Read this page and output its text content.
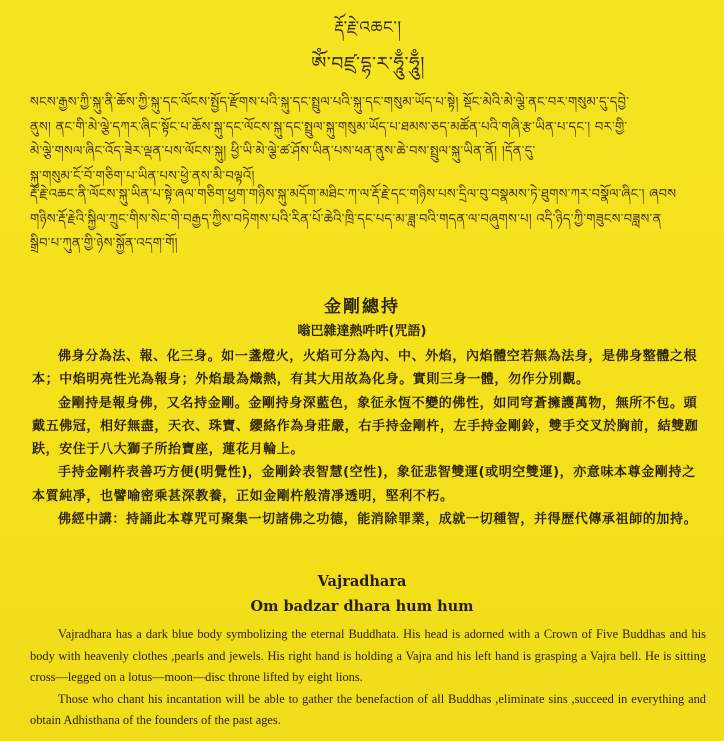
རྡོ་རྗེ་འཆང་།
ཨོཾ་བཛྲ་དྷ་ར་ཧཱུྃ་ཧཱུྃ།
སངས་རྒྱས་ཀྱི་སྐུ་ནི་ཆོས་ཀྱི་སྐུ་དང་ལོངས་སྤྱོད་རྫོགས་པའི་སྐུ་དང་སྤྲུལ་པའི་སྐུ་དང་གསུམ་ཡོད་པ་སྟེ། སྡོང་མེའི་མེ་ལྕེ་ནང་བར་གསུམ་དུ་དབྱེ་
ནུས། ནང་གི་མེ་ལྕེ་དཀར་ཞིང་སྟོང་པ་ཆོས་སྐུ་དང་ལོངས་སྐུ་དང་སྤྲུལ་སྐུ་གསུམ་ཡོད་པ་ཐམས་ཅད་མཚོན་པའི་གཞི་རྩ་ཡིན་པ་དང་། བར་གྱི་
མེ་ལྕེ་གསལ་ཞིང་འོད་ཟེར་ལྡན་པས་ལོངས་སྐུ། ཕྱི་ཡི་མེ་ལྕེ་ཚ་ཤོས་ཡིན་པས་ཕན་ནུས་ཆེ་བས་སྤྲུལ་སྐུ་ཡིན་ནོ། །དོན་དུ་
སྐུ་གསུམ་ངོ་བོ་གཅིག་པ་ཡིན་པས་ཕྱེ་ནས་མི་བལྟའོ།
རྡོ་རྗེ་འཆང་ནི་ལོངས་སྐུ་ཡིན་པ་སྟེ་ཞལ་གཅིག་ཕྱག་གཉིས་སྐུ་མདོག་མཐིང་ཀ་ལ་རྡོ་རྗེ་དང་གཉིས་པས་དྲིལ་བུ་བསྣམས་ཏེ་ཐུགས་ཀར་བསྣོལ་ཞིང་། ཞབས
གཉིས་རྡོ་རྗེའི་སྐྱིལ་ཀྲུང་གིས་སེང་གེ་བརྒྱད་ཀྱིས་བཏེགས་པའི་རིན་པོ་ཆེའི་ཁྲི་དང་པད་མ་ཟླ་བའི་གདན་ལ་བཞུགས་པ། འདི་ཉིད་ཀྱི་གཟུངས་བཟླས་ན
སྒྲིབ་པ་ཀུན་གྱི་ཉེས་སྐྱོན་འདག་གོ།
金剛總持
嗡巴雜達熱吽吽(咒語)

佛身分為法、報、化三身。如一盞燈火，火焰可分為內、中、外焰，內焰體空若無為法身，是佛身整體之根本；中焰明亮性光為報身；外焰最為熾熱，有其大用故為化身。實則三身一體，勿作分別觀。

金剛持是報身佛，又名持金剛。金剛持身深藍色，象征永恆不變的佛性，如同穹蒼擁護萬物，無所不包。頭戴五佛冠，相好無盡，天衣、珠寶、纓絡作為身莊嚴，右手持金剛杵，左手持金剛鈴，雙手交叉於胸前，結雙跏趺，安住于八大獅子所抬寶座，蓮花月輪上。

手持金剛杵表善巧方便(明覺性)，金剛鈴表智慧(空性)，象征悲智雙運(或明空雙運)，亦意味本尊金剛持之本質純凈，也譬喻密乘甚深教養，正如金剛杵般清凈透明，堅利不朽。

佛經中講：持誦此本尊咒可聚集一切諸佛之功德，能消除罪業，成就一切種智，并得歷代傳承祖師的加持。

Vajradhara
Om badzar dhara hum hum

Vajradhara has a dark blue body symbolizing the eternal Buddhata. His head is adorned with a Crown of Five Buddhas and his body with heavenly clothes ,pearls and jewels. His right hand is holding a Vajra and his left hand is grasping a Vajra bell. He is sitting cross—legged on a lotus—moon—disc throne lifted by eight lions.

Those who chant his incantation will be able to gather the benefaction of all Buddhas ,eliminate sins ,succeed in everything and obtain Adhisthana of the founders of the past ages.
